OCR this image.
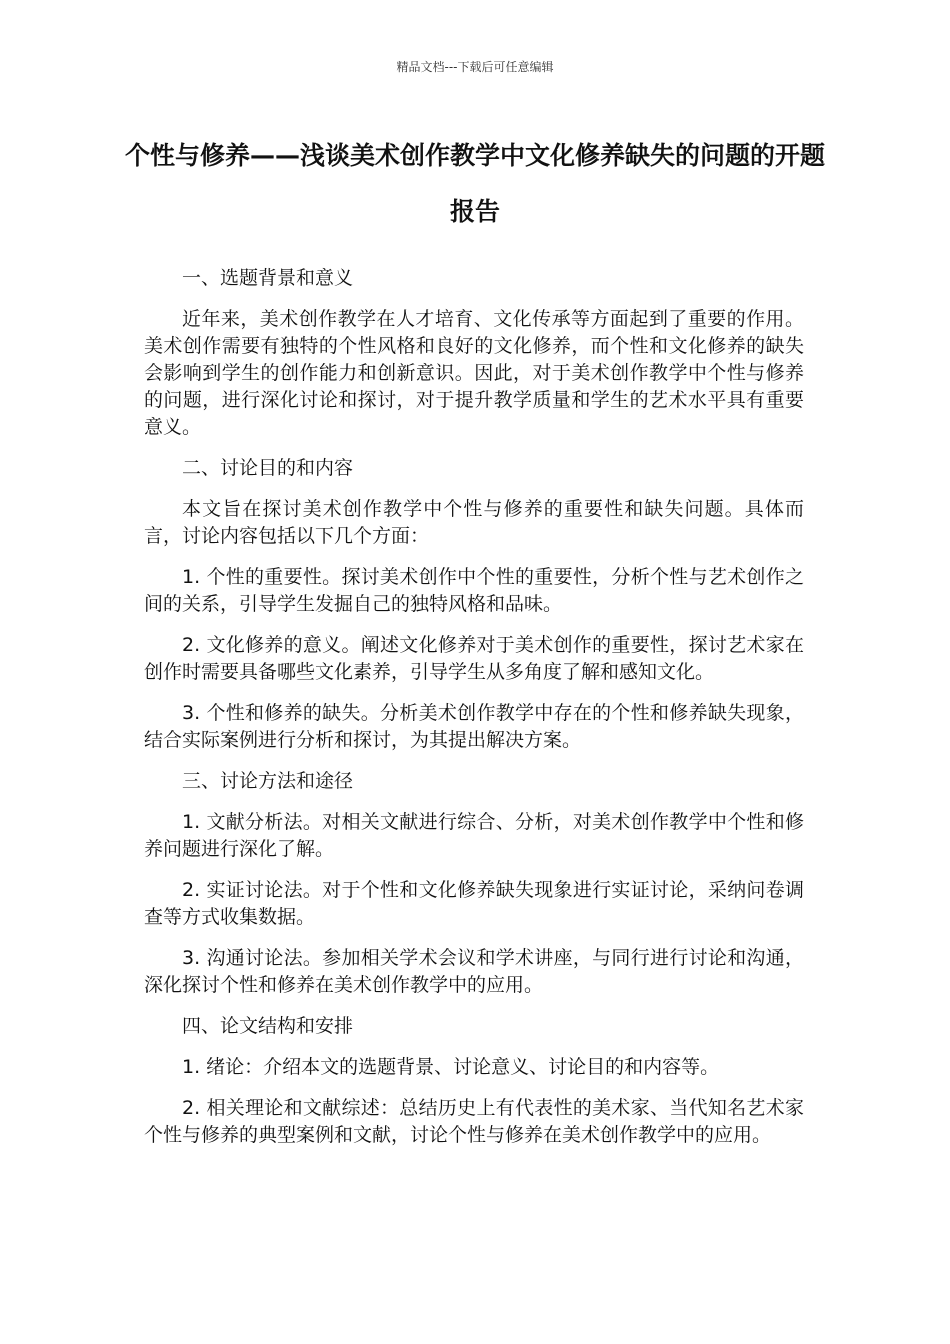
精品文档---下载后可任意编辑
个性与修养——浅谈美术创作教学中文化修养缺失的问题的开题报告

一、选题背景和意义

近年来，美术创作教学在人才培育、文化传承等方面起到了重要的作用。美术创作需要有独特的个性风格和良好的文化修养，而个性和文化修养的缺失会影响到学生的创作能力和创新意识。因此，对于美术创作教学中个性与修养的问题，进行深化讨论和探讨，对于提升教学质量和学生的艺术水平具有重要意义。

二、讨论目的和内容

本文旨在探讨美术创作教学中个性与修养的重要性和缺失问题。具体而言，讨论内容包括以下几个方面：

1. 个性的重要性。探讨美术创作中个性的重要性，分析个性与艺术创作之间的关系，引导学生发掘自己的独特风格和品味。

2. 文化修养的意义。阐述文化修养对于美术创作的重要性，探讨艺术家在创作时需要具备哪些文化素养，引导学生从多角度了解和感知文化。

3. 个性和修养的缺失。分析美术创作教学中存在的个性和修养缺失现象，结合实际案例进行分析和探讨，为其提出解决方案。

三、讨论方法和途径

1. 文献分析法。对相关文献进行综合、分析，对美术创作教学中个性和修养问题进行深化了解。

2. 实证讨论法。对于个性和文化修养缺失现象进行实证讨论，采纳问卷调查等方式收集数据。

3. 沟通讨论法。参加相关学术会议和学术讲座，与同行进行讨论和沟通，深化探讨个性和修养在美术创作教学中的应用。

四、论文结构和安排

1. 绪论：介绍本文的选题背景、讨论意义、讨论目的和内容等。

2. 相关理论和文献综述：总结历史上有代表性的美术家、当代知名艺术家个性与修养的典型案例和文献，讨论个性与修养在美术创作教学中的应用。
